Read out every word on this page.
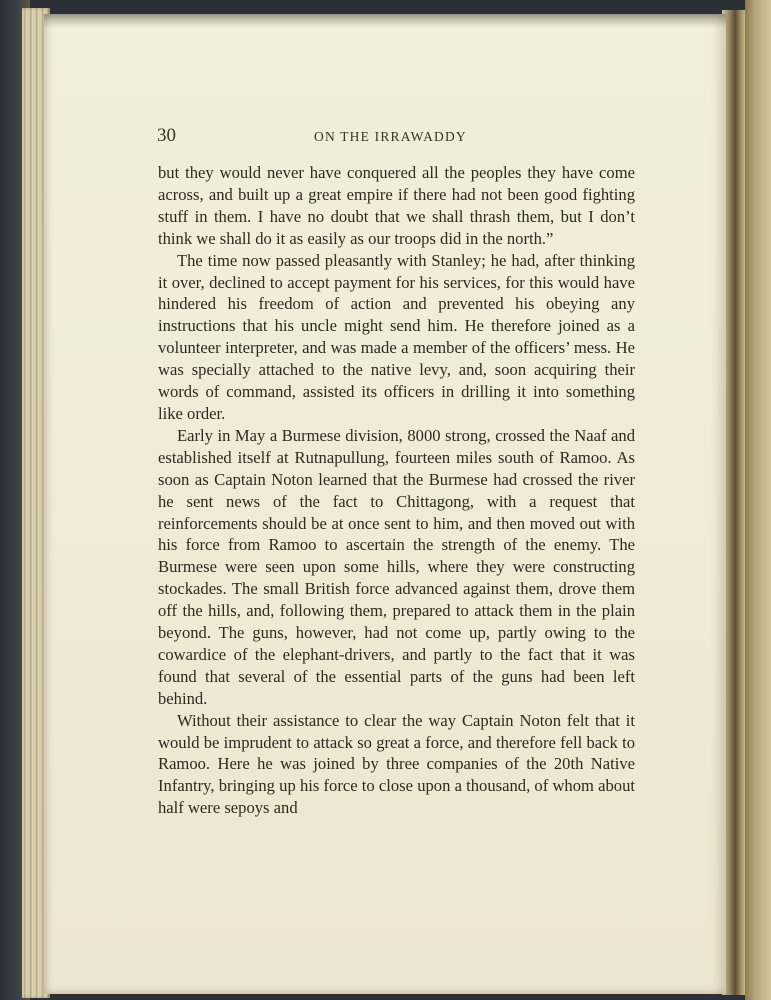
30	ON THE IRRAWADDY

but they would never have conquered all the peoples they have come across, and built up a great empire if there had not been good fighting stuff in them. I have no doubt that we shall thrash them, but I don’t think we shall do it as easily as our troops did in the north.”

The time now passed pleasantly with Stanley; he had, after thinking it over, declined to accept payment for his services, for this would have hindered his freedom of action and prevented his obeying any instructions that his uncle might send him. He therefore joined as a volunteer interpreter, and was made a member of the officers’ mess. He was specially attached to the native levy, and, soon acquiring their words of command, assisted its officers in drilling it into something like order.

Early in May a Burmese division, 8000 strong, crossed the Naaf and established itself at Rutnapullung, fourteen miles south of Ramoo. As soon as Captain Noton learned that the Burmese had crossed the river he sent news of the fact to Chittagong, with a request that reinforcements should be at once sent to him, and then moved out with his force from Ramoo to ascertain the strength of the enemy. The Burmese were seen upon some hills, where they were constructing stockades. The small British force advanced against them, drove them off the hills, and, following them, prepared to attack them in the plain beyond. The guns, however, had not come up, partly owing to the cowardice of the elephant-drivers, and partly to the fact that it was found that several of the essential parts of the guns had been left behind.

Without their assistance to clear the way Captain Noton felt that it would be imprudent to attack so great a force, and therefore fell back to Ramoo. Here he was joined by three companies of the 20th Native Infantry, bringing up his force to close upon a thousand, of whom about half were sepoys and
